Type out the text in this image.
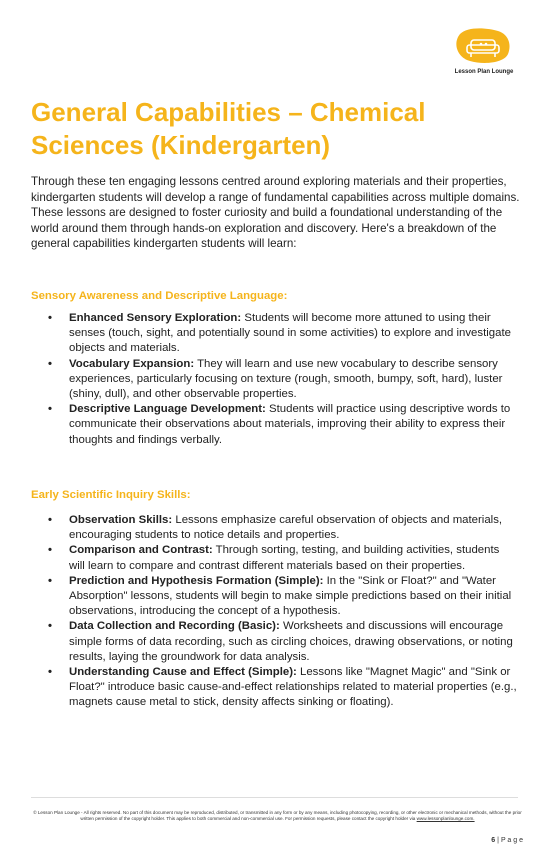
Lesson Plan Lounge
General Capabilities – Chemical Sciences (Kindergarten)

Through these ten engaging lessons centred around exploring materials and their properties, kindergarten students will develop a range of fundamental capabilities across multiple domains. These lessons are designed to foster curiosity and build a foundational understanding of the world around them through hands-on exploration and discovery. Here's a breakdown of the general capabilities kindergarten students will learn:

Sensory Awareness and Descriptive Language:
• Enhanced Sensory Exploration: Students will become more attuned to using their senses (touch, sight, and potentially sound in some activities) to explore and investigate objects and materials.
• Vocabulary Expansion: They will learn and use new vocabulary to describe sensory experiences, particularly focusing on texture (rough, smooth, bumpy, soft, hard), luster (shiny, dull), and other observable properties.
• Descriptive Language Development: Students will practice using descriptive words to communicate their observations about materials, improving their ability to express their thoughts and findings verbally.
Early Scientific Inquiry Skills:
• Observation Skills: Lessons emphasize careful observation of objects and materials, encouraging students to notice details and properties.
• Comparison and Contrast: Through sorting, testing, and building activities, students will learn to compare and contrast different materials based on their properties.
• Prediction and Hypothesis Formation (Simple): In the "Sink or Float?" and "Water Absorption" lessons, students will begin to make simple predictions based on their initial observations, introducing the concept of a hypothesis.
• Data Collection and Recording (Basic): Worksheets and discussions will encourage simple forms of data recording, such as circling choices, drawing observations, or noting results, laying the groundwork for data analysis.
• Understanding Cause and Effect (Simple): Lessons like "Magnet Magic" and "Sink or Float?" introduce basic cause-and-effect relationships related to material properties (e.g., magnets cause metal to stick, density affects sinking or floating).
© Lesson Plan Lounge - All rights reserved. No part of this document may be reproduced, distributed, or transmitted in any form or by any means, including photocopying, recording, or other electronic or mechanical methods, without the prior written permission of the copyright holder. This applies to both commercial and non-commercial use. For permission requests, please contact the copyright holder via www.lessonplanlounge.com.
6 | P a g e
